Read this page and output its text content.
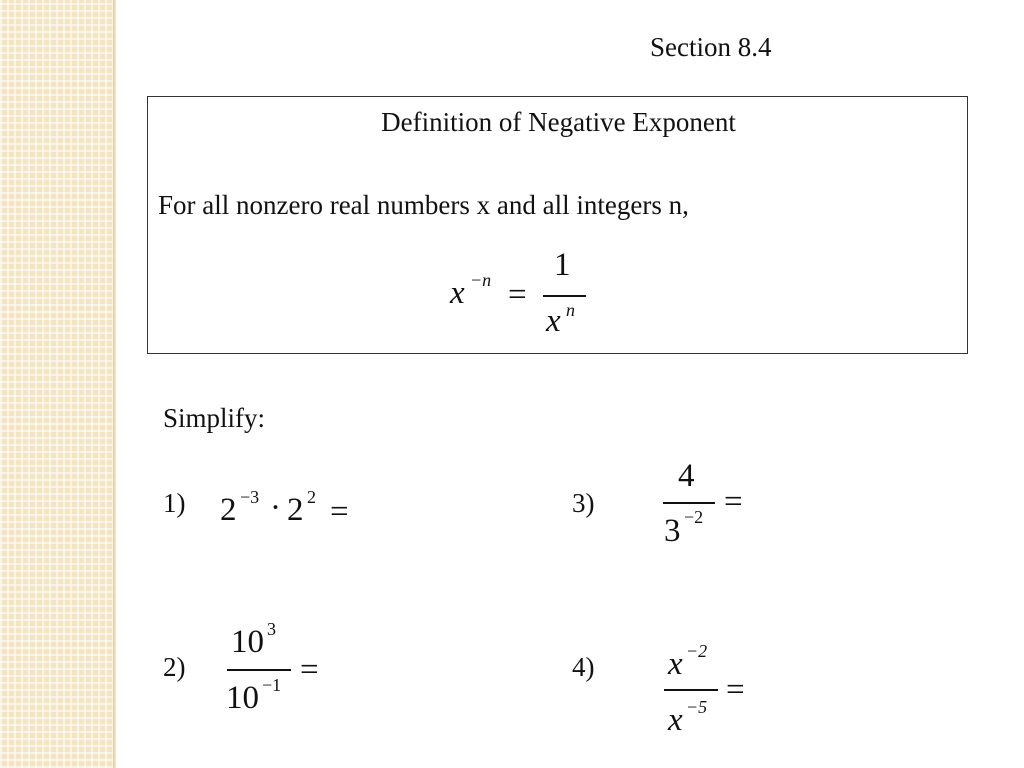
Section 8.4
Definition of Negative Exponent
For all nonzero real numbers x and all integers n,
x −n =
1
x n
Simplify:
1) 2 −3 · 2 2 =
2)
10 3
10 −1 =
3)
4
3 −2 =
4) x −2
x −5 =
